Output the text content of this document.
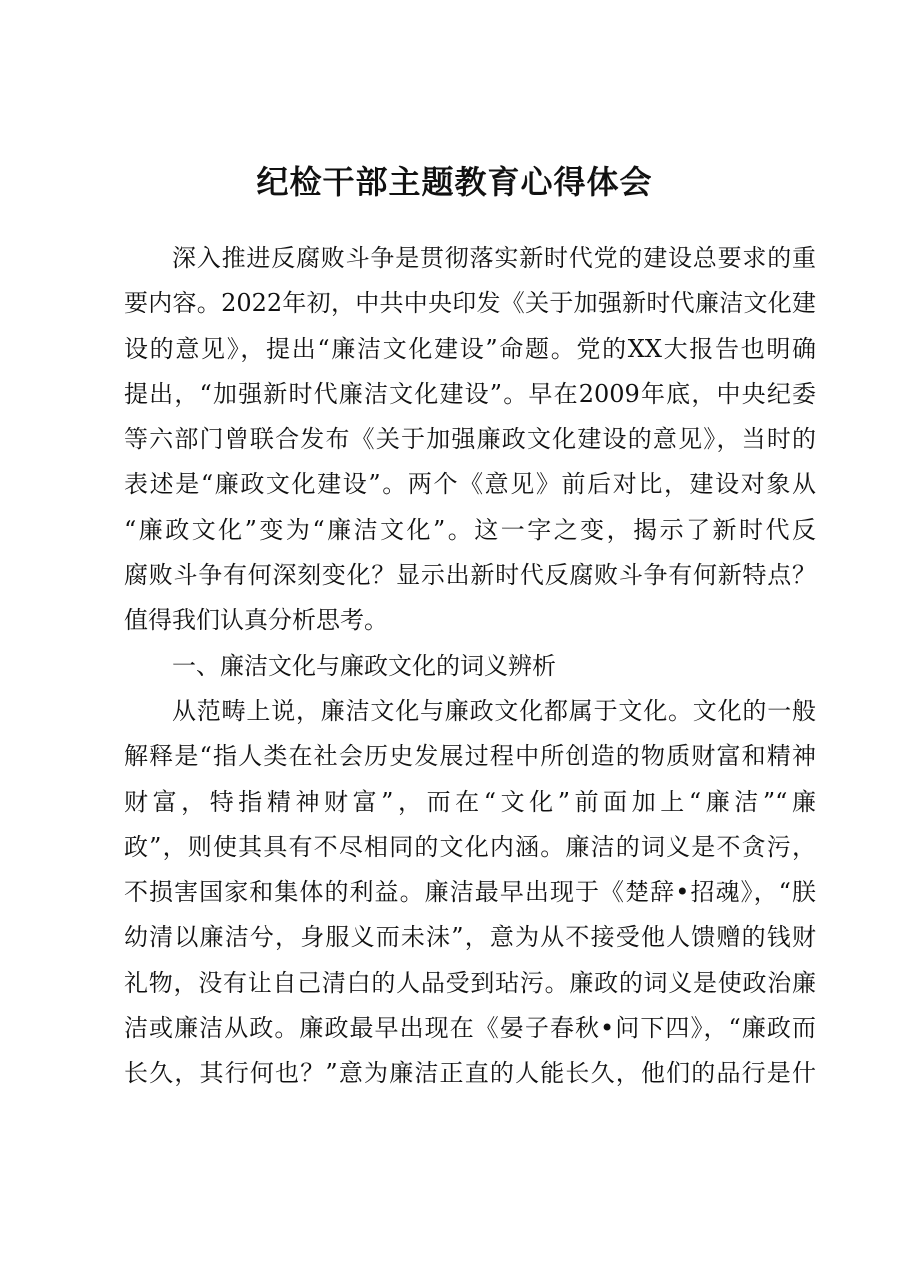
纪检干部主题教育心得体会
深入推进反腐败斗争是贯彻落实新时代党的建设总要求的重
要内容。2022年初，中共中央印发《关于加强新时代廉洁文化建
设的意见》，提出“廉洁文化建设”命题。党的XX大报告也明确
提出，“加强新时代廉洁文化建设”。早在2009年底，中央纪委
等六部门曾联合发布《关于加强廉政文化建设的意见》，当时的
表述是“廉政文化建设”。两个《意见》前后对比，建设对象从
“廉政文化”变为“廉洁文化”。这一字之变，揭示了新时代反
腐败斗争有何深刻变化？显示出新时代反腐败斗争有何新特点？
值得我们认真分析思考。
一、廉洁文化与廉政文化的词义辨析
从范畴上说，廉洁文化与廉政文化都属于文化。文化的一般
解释是“指人类在社会历史发展过程中所创造的物质财富和精神
财富，特指精神财富”，而在“文化”前面加上“廉洁”“廉
政”，则使其具有不尽相同的文化内涵。廉洁的词义是不贪污，
不损害国家和集体的利益。廉洁最早出现于《楚辞•招魂》，“朕
幼清以廉洁兮，身服义而未沬”，意为从不接受他人馈赠的钱财
礼物，没有让自己清白的人品受到玷污。廉政的词义是使政治廉
洁或廉洁从政。廉政最早出现在《晏子春秋•问下四》，“廉政而
长久，其行何也？”意为廉洁正直的人能长久，他们的品行是什
